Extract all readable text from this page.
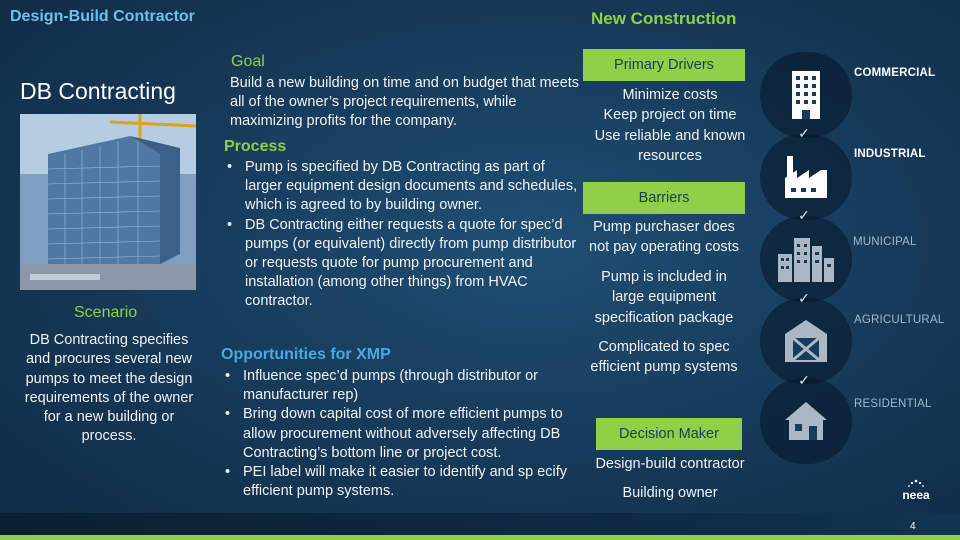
Design-Build Contractor	New Construction
DB Contracting
Scenario
DB Contracting specifies and procures several new pumps to meet the design requirements of the owner for a new building or process.
Goal
Build a new building on time and on budget that meets all of the owner’s project requirements, while maximizing profits for the company.
Process
• Pump is specified by DB Contracting as part of larger equipment design documents and schedules, which is agreed to by building owner.
• DB Contracting either requests a quote for spec’d pumps (or equivalent) directly from pump distributor or requests quote for pump procurement and installation (among other things) from HVAC contractor.
Opportunities for XMP
• Influence spec’d pumps (through distributor or manufacturer rep)
• Bring down capital cost of more efficient pumps to allow procurement without adversely affecting DB Contracting’s bottom line or project cost.
• PEI label will make it easier to identify and sp ecify efficient pump systems.
Primary Drivers
Minimize costs
Keep project on time
Use reliable and known resources
Barriers
Pump purchaser does not pay operating costs
Pump is included in large equipment specification package
Complicated to spec efficient pump systems
Decision Maker
Design-build contractor
Building owner
✓
✓
✓
✓
COMMERCIAL
INDUSTRIAL
MUNICIPAL
AGRICULTURAL
RESIDENTIAL
neea
4
